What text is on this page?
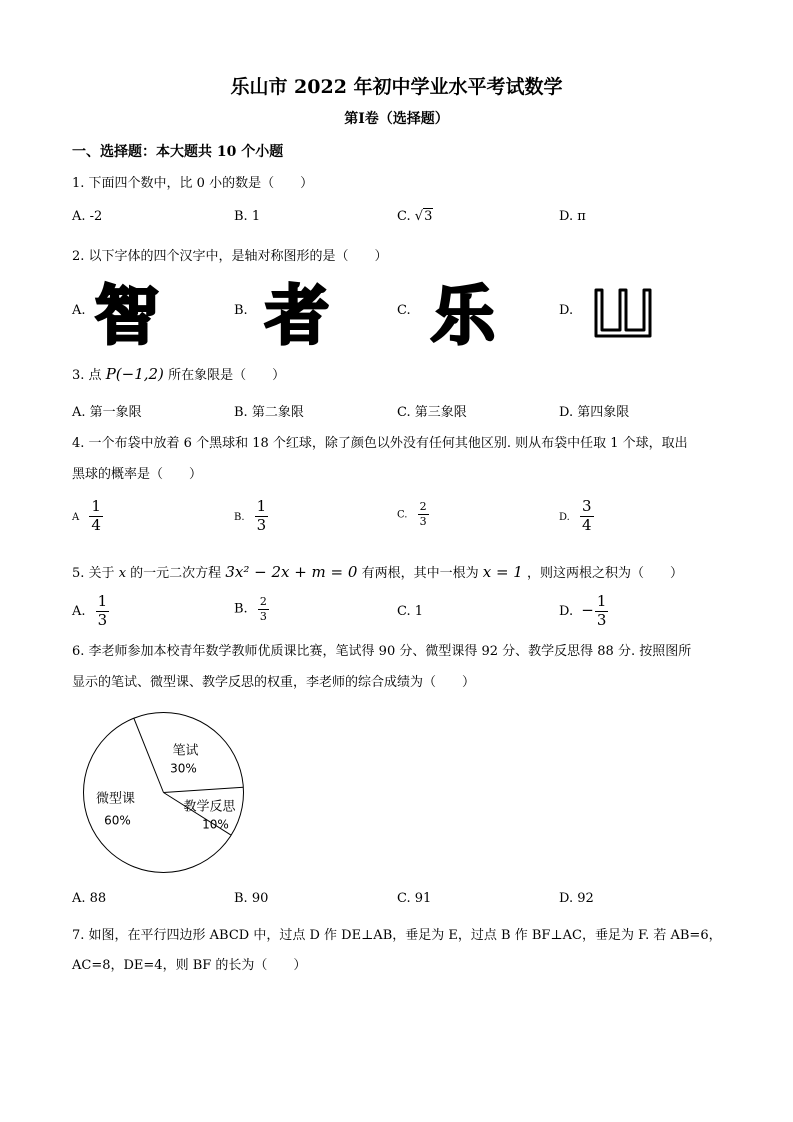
乐山市 2022 年初中学业水平考试数学
第Ⅰ卷（选择题）
一、选择题：本大题共 10 个小题
1. 下面四个数中，比 0 小的数是（　　）
A. -2	B. 1	C. √3	D. π
2. 以下字体的四个汉字中，是轴对称图形的是（　　）
A.	B.	C.	D.
智 者 乐
3. 点 P(−1,2) 所在象限是（　　）
A. 第一象限	B. 第二象限	C. 第三象限	D. 第四象限
4. 一个布袋中放着 6 个黑球和 18 个红球，除了颜色以外没有任何其他区别. 则从布袋中任取 1 个球，取出
黑球的概率是（　　）
A $\frac{1}{4}$	B. $\frac{1}{3}$	C. $\frac{2}{3}$	D. $\frac{3}{4}$
5. 关于 x 的一元二次方程 3x² − 2x + m = 0 有两根，其中一根为 x = 1 ，则这两根之积为（　　）
A. $\frac{1}{3}$	B. $\frac{2}{3}$	C. 1	D. − $\frac{1}{3}$
6. 李老师参加本校青年数学教师优质课比赛，笔试得 90 分、微型课得 92 分、教学反思得 88 分. 按照图所
显示的笔试、微型课、教学反思的权重，李老师的综合成绩为（　　）
笔试
30%
教学反思
10%
微型课
60%
A. 88	B. 90	C. 91	D. 92
7. 如图，在平行四边形 ABCD 中，过点 D 作 DE⊥AB，垂足为 E，过点 B 作 BF⊥AC，垂足为 F. 若 AB=6，
AC=8，DE=4，则 BF 的长为（　　）
